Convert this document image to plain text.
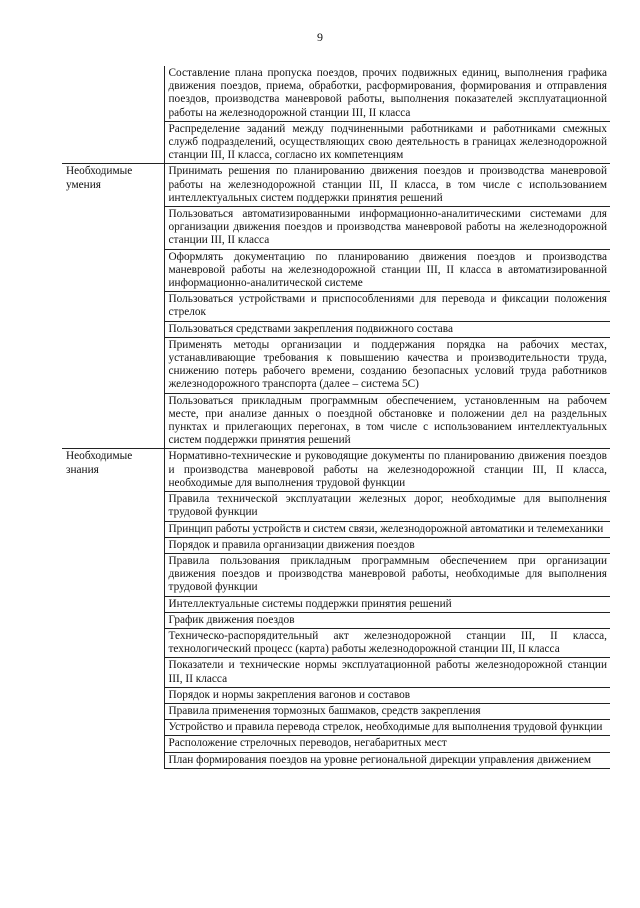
9

	Составление плана пропуска поездов, прочих подвижных единиц, выполнения графика движения поездов, приема, обработки, расформирования, формирования и отправления поездов, производства маневровой работы, выполнения показателей эксплуатационной работы на железнодорожной станции III, II класса

	Распределение заданий между подчиненными работниками и работниками смежных служб подразделений, осуществляющих свою деятельность в границах железнодорожной станции III, II класса, согласно их компетенциям

Необходимые умения	Принимать решения по планированию движения поездов и производства маневровой работы на железнодорожной станции III, II класса, в том числе с использованием интеллектуальных систем поддержки принятия решений

	Пользоваться автоматизированными информационно-аналитическими системами для организации движения поездов и производства маневровой работы на железнодорожной станции III, II класса

	Оформлять документацию по планированию движения поездов и производства маневровой работы на железнодорожной станции III, II класса в автоматизированной информационно-аналитической системе

	Пользоваться устройствами и приспособлениями для перевода и фиксации положения стрелок

	Пользоваться средствами закрепления подвижного состава

	Применять методы организации и поддержания порядка на рабочих местах, устанавливающие требования к повышению качества и производительности труда, снижению потерь рабочего времени, созданию безопасных условий труда работников железнодорожного транспорта (далее – система 5С)

	Пользоваться прикладным программным обеспечением, установленным на рабочем месте, при анализе данных о поездной обстановке и положении дел на раздельных пунктах и прилегающих перегонах, в том числе с использованием интеллектуальных систем поддержки принятия решений

Необходимые знания	Нормативно-технические и руководящие документы по планированию движения поездов и производства маневровой работы на железнодорожной станции III, II класса, необходимые для выполнения трудовой функции

	Правила технической эксплуатации железных дорог, необходимые для выполнения трудовой функции

	Принцип работы устройств и систем связи, железнодорожной автоматики и телемеханики

	Порядок и правила организации движения поездов

	Правила пользования прикладным программным обеспечением при организации движения поездов и производства маневровой работы, необходимые для выполнения трудовой функции

	Интеллектуальные системы поддержки принятия решений

	График движения поездов

	Техническо-распорядительный акт железнодорожной станции III, II класса, технологический процесс (карта) работы железнодорожной станции III, II класса

	Показатели и технические нормы эксплуатационной работы железнодорожной станции III, II класса

	Порядок и нормы закрепления вагонов и составов

	Правила применения тормозных башмаков, средств закрепления

	Устройство и правила перевода стрелок, необходимые для выполнения трудовой функции

	Расположение стрелочных переводов, негабаритных мест

	План формирования поездов на уровне региональной дирекции управления движением
